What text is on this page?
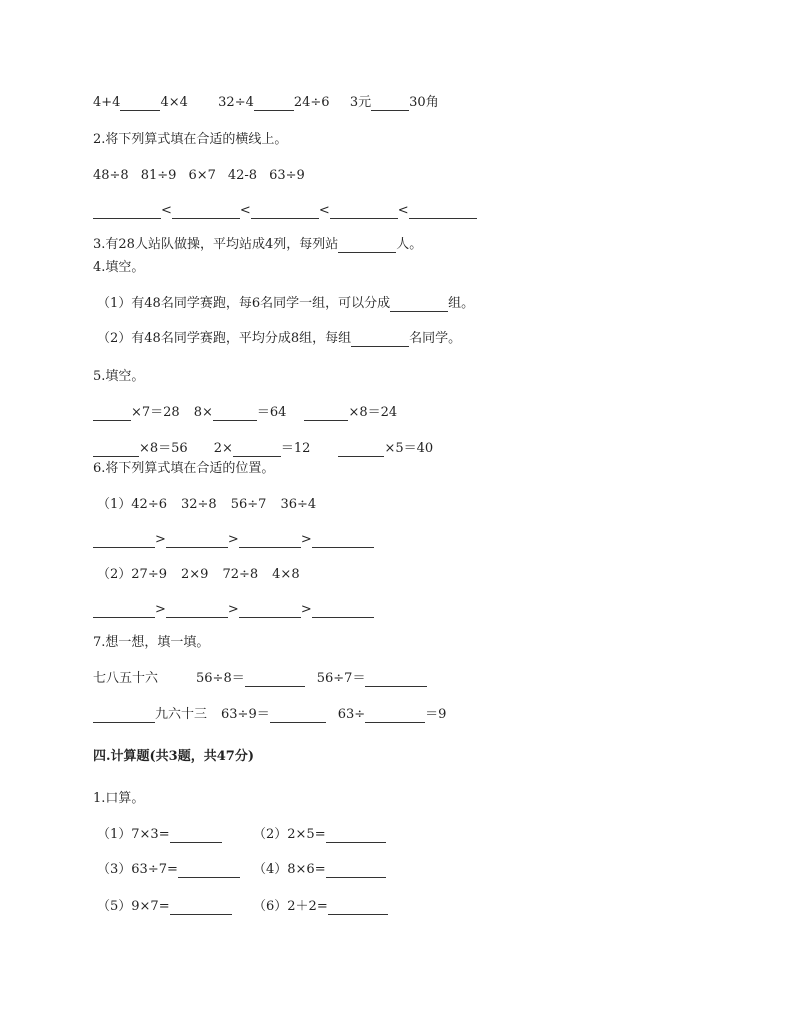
4+4	4×4 32÷4	24÷6 3元	30角
2.将下列算式填在合适的横线上。
48÷8 81÷9 6×7 42-8 63÷9
<	<	<	<
3.有28人站队做操，平均站成4列，每列站	人。
4.填空。
（1）有48名同学赛跑，每6名同学一组，可以分成	组。
（2）有48名同学赛跑，平均分成8组，每组	名同学。
5.填空。
×7＝28 8×	＝64	×8＝24
×8＝56 2×	＝12	×5＝40
6.将下列算式填在合适的位置。
（1）42÷6 32÷8 56÷7 36÷4
>	>	>
（2）27÷9 2×9 72÷8 4×8
>	>	>
7.想一想，填一填。
七八五十六	56÷8＝	56÷7＝
九六十三 63÷9＝	63÷	＝9
四.计算题(共3题，共47分)
1.口算。
（1）7×3=	（2）2×5=
（3）63÷7=	（4）8×6=
（5）9×7=	（6）2＋2=
